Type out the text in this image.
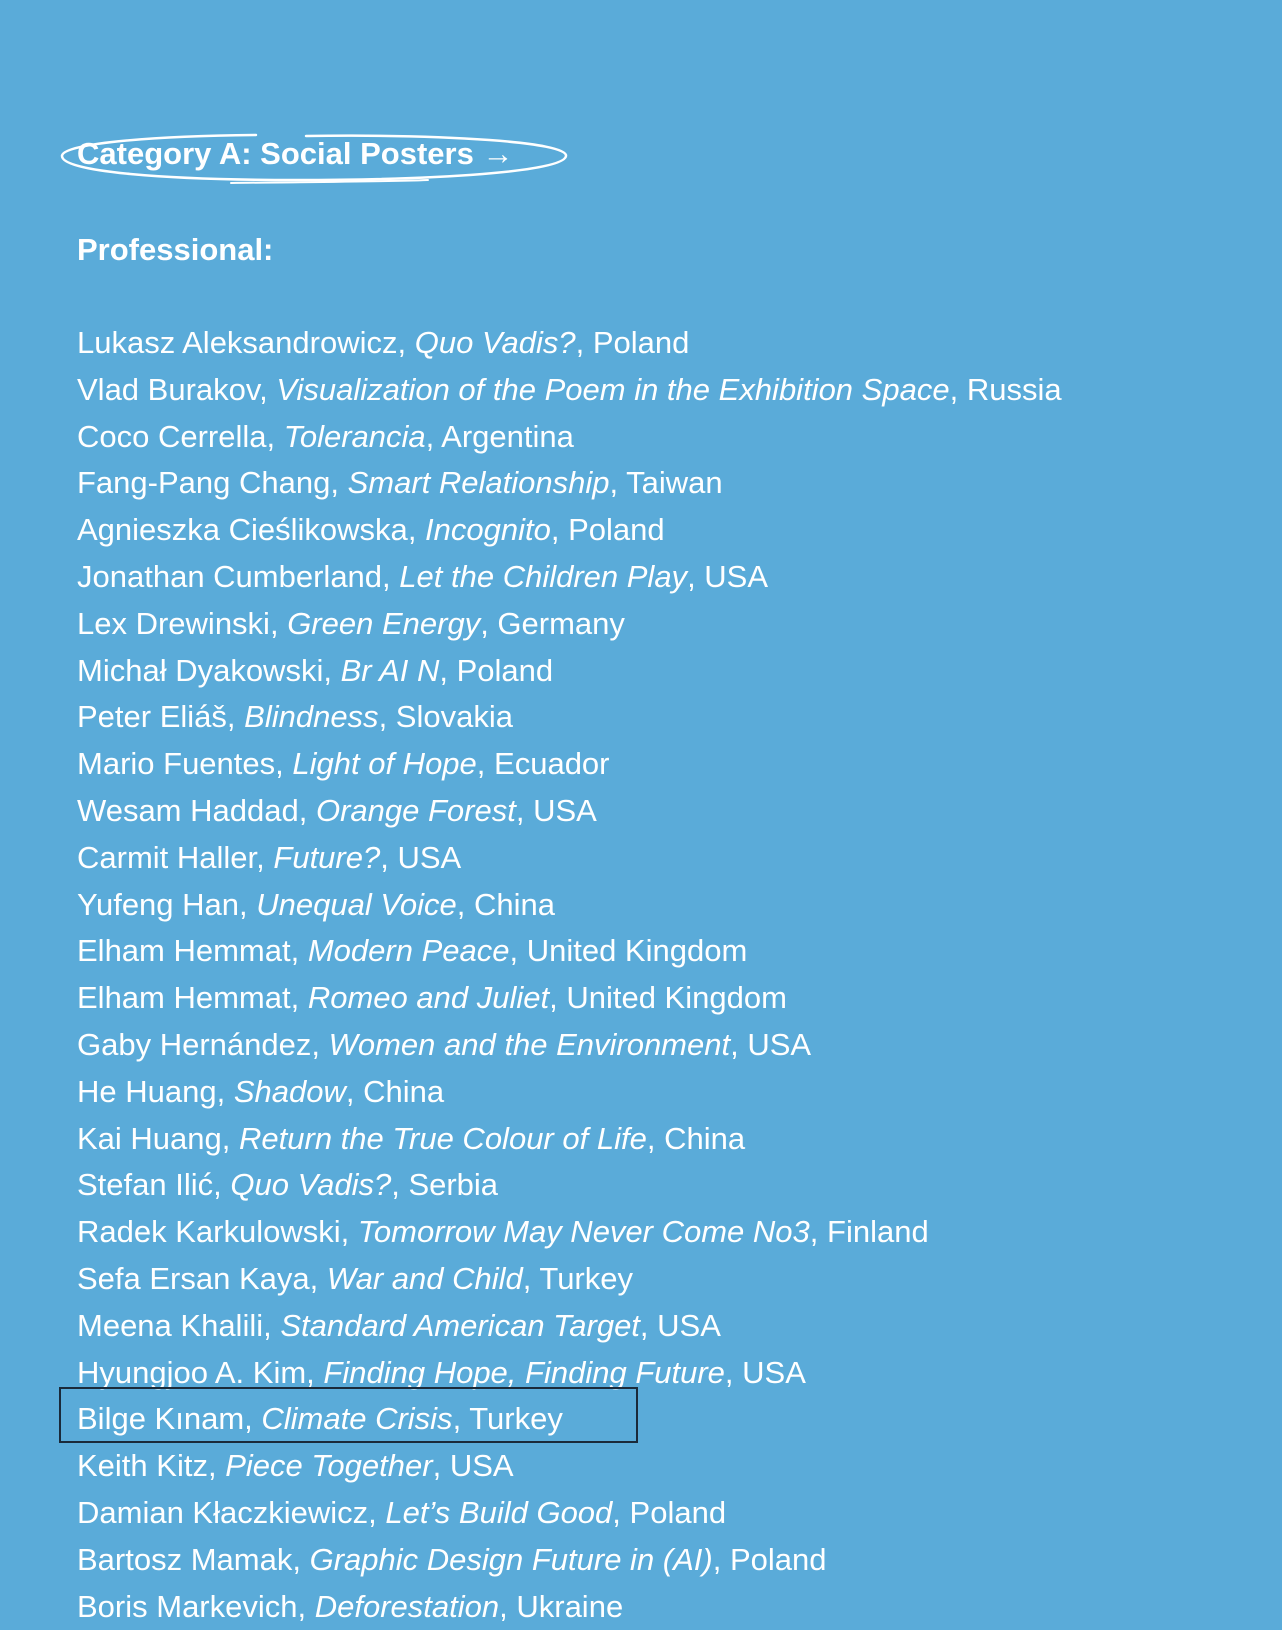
Category A: Social Posters →
Professional:
Lukasz Aleksandrowicz, Quo Vadis?, Poland
Vlad Burakov, Visualization of the Poem in the Exhibition Space, Russia
Coco Cerrella, Tolerancia, Argentina
Fang-Pang Chang, Smart Relationship, Taiwan
Agnieszka Cieślikowska, Incognito, Poland
Jonathan Cumberland, Let the Children Play, USA
Lex Drewinski, Green Energy, Germany
Michał Dyakowski, Br AI N, Poland
Peter Eliáš, Blindness, Slovakia
Mario Fuentes, Light of Hope, Ecuador
Wesam Haddad, Orange Forest, USA
Carmit Haller, Future?, USA
Yufeng Han, Unequal Voice, China
Elham Hemmat, Modern Peace, United Kingdom
Elham Hemmat, Romeo and Juliet, United Kingdom
Gaby Hernández, Women and the Environment, USA
He Huang, Shadow, China
Kai Huang, Return the True Colour of Life, China
Stefan Ilić, Quo Vadis?, Serbia
Radek Karkulowski, Tomorrow May Never Come No3, Finland
Sefa Ersan Kaya, War and Child, Turkey
Meena Khalili, Standard American Target, USA
Hyungjoo A. Kim, Finding Hope, Finding Future, USA
Bilge Kınam, Climate Crisis, Turkey
Keith Kitz, Piece Together, USA
Damian Kłaczkiewicz, Let’s Build Good, Poland
Bartosz Mamak, Graphic Design Future in (AI), Poland
Boris Markevich, Deforestation, Ukraine
